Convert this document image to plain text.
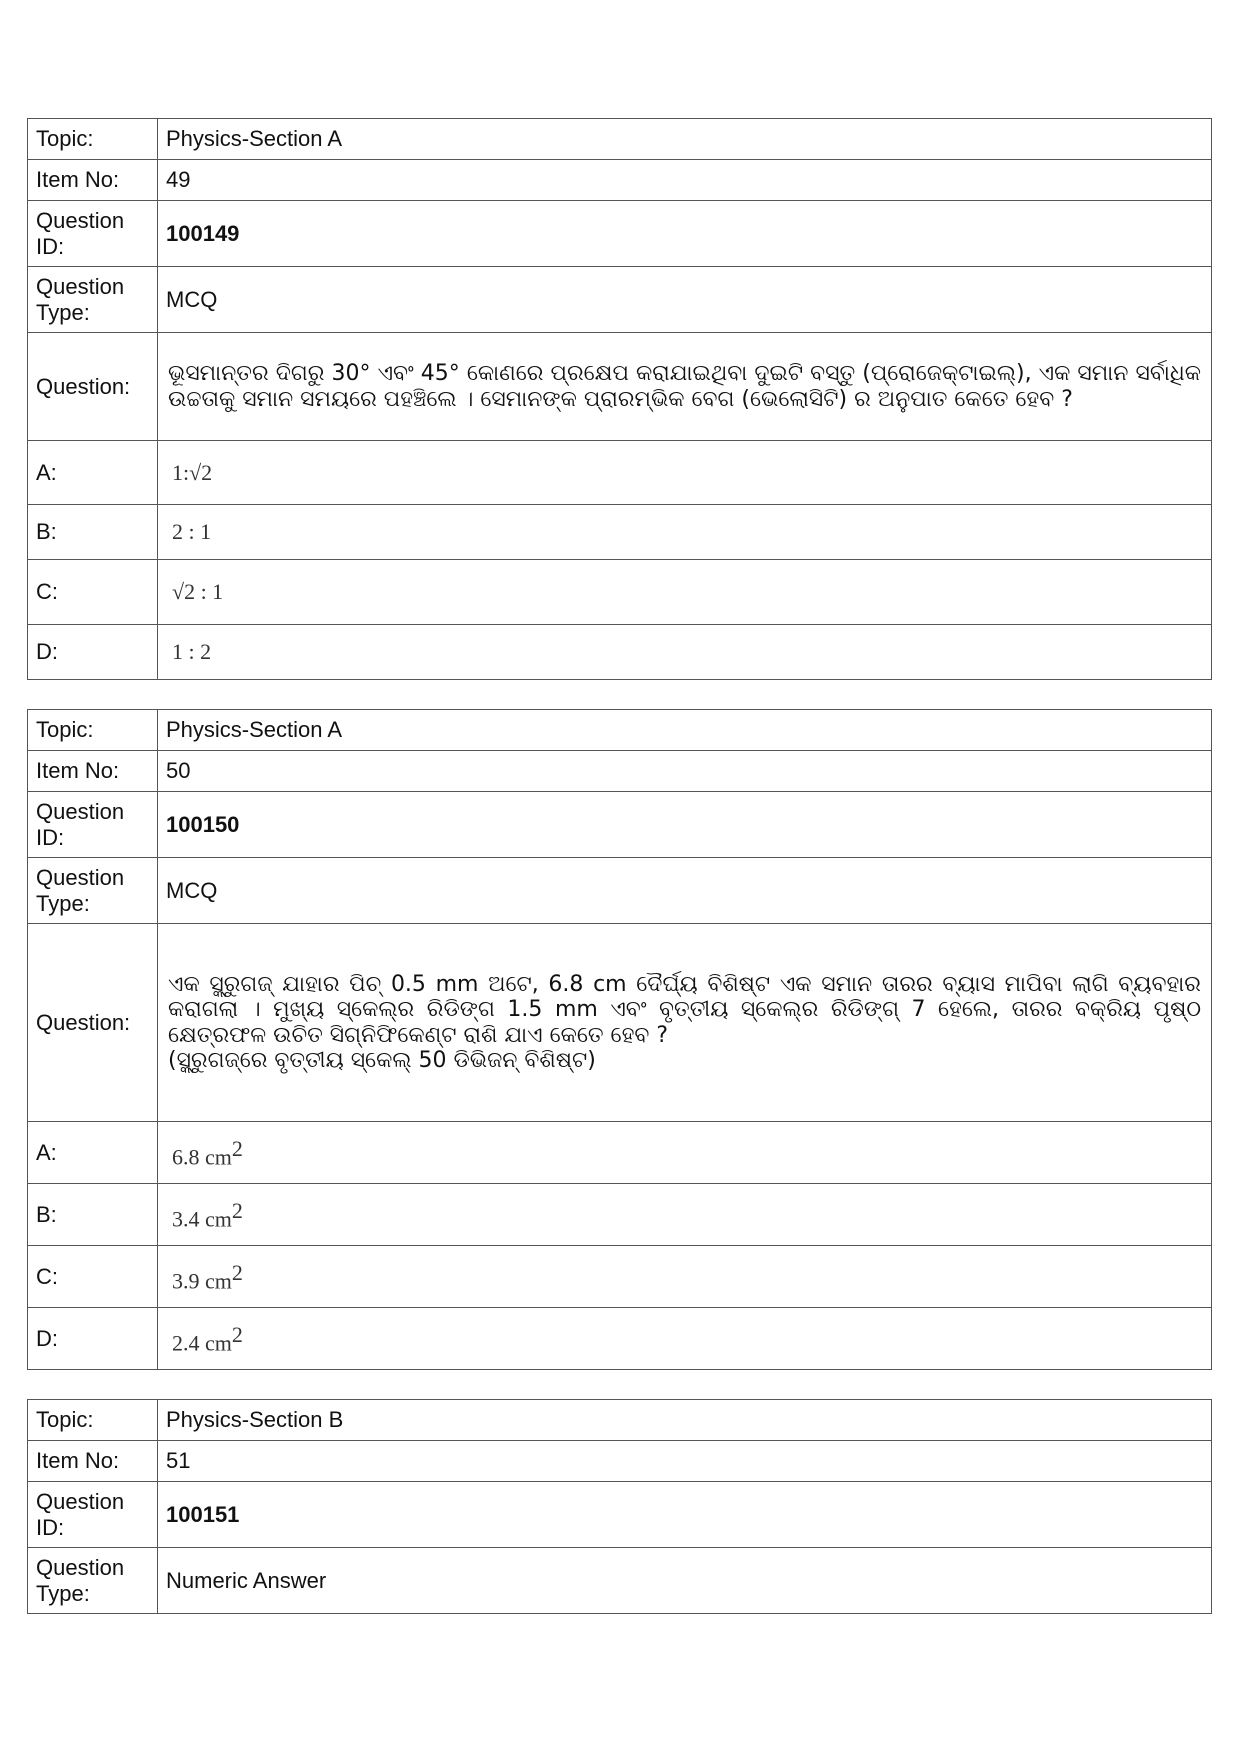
Topic:	Physics-Section A
Item No:	49
Question ID:	100149
Question Type:	MCQ
Question:	ଭୂସମାନ୍ତର ଦିଗରୁ 30° ଏବଂ 45° କୋଣରେ ପ୍ରକ୍ଷେପ କରାଯାଇଥିବା ଦୁଇଟି ବସ୍ତୁ (ପ୍ରୋଜେକ୍ଟାଇଲ୍), ଏକ ସମାନ ସର୍ବାଧିକ ଉଚ୍ଚତାକୁ ସମାନ ସମୟରେ ପହଞ୍ଚିଲେ । ସେମାନଙ୍କ ପ୍ରାରମ୍ଭିକ ବେଗ (ଭେଲୋସିଟି) ର ଅନୁପାତ କେତେ ହେବ ?
A:	1:√2
B:	2 : 1
C:	√2 : 1
D:	1 : 2
Topic:	Physics-Section A
Item No:	50
Question ID:	100150
Question Type:	MCQ
Question:	ଏକ ସ୍କ୍ରୁଗଜ୍ ଯାହାର ପିଚ୍ 0.5 mm ଅଟେ, 6.8 cm ଦୈର୍ଘ୍ୟ ବିଶିଷ୍ଟ ଏକ ସମାନ ତାରର ବ୍ୟାସ ମାପିବା ଲାଗି ବ୍ୟବହାର କରାଗଲା । ମୁଖ୍ୟ ସ୍କେଲ୍‌ର ରିଡିଙ୍ଗ 1.5 mm ଏବଂ ବୃତ୍ତୀୟ ସ୍କେଲ୍‌ର ରିଡିଙ୍ଗ୍ 7 ହେଲେ, ତାରର ବକ୍ରିୟ ପୃଷ୍ଠ କ୍ଷେତ୍ରଫଳ ଉଚିତ ସିଗ୍ନିଫିକେଣ୍ଟ ରାଶି ଯାଏ କେତେ ହେବ ?
(ସ୍କ୍ରୁଗଜ୍‌ରେ ବୃତ୍ତୀୟ ସ୍କେଲ୍ 50 ଡିଭିଜନ୍ ବିଶିଷ୍ଟ)

A:	6.8 $cm^2$
B:	3.4 $cm^2$
C:	3.9 $cm^2$
D:	2.4 $cm^2$
Topic:	Physics-Section B
Item No:	51
Question ID:	100151
Question Type:	Numeric Answer
